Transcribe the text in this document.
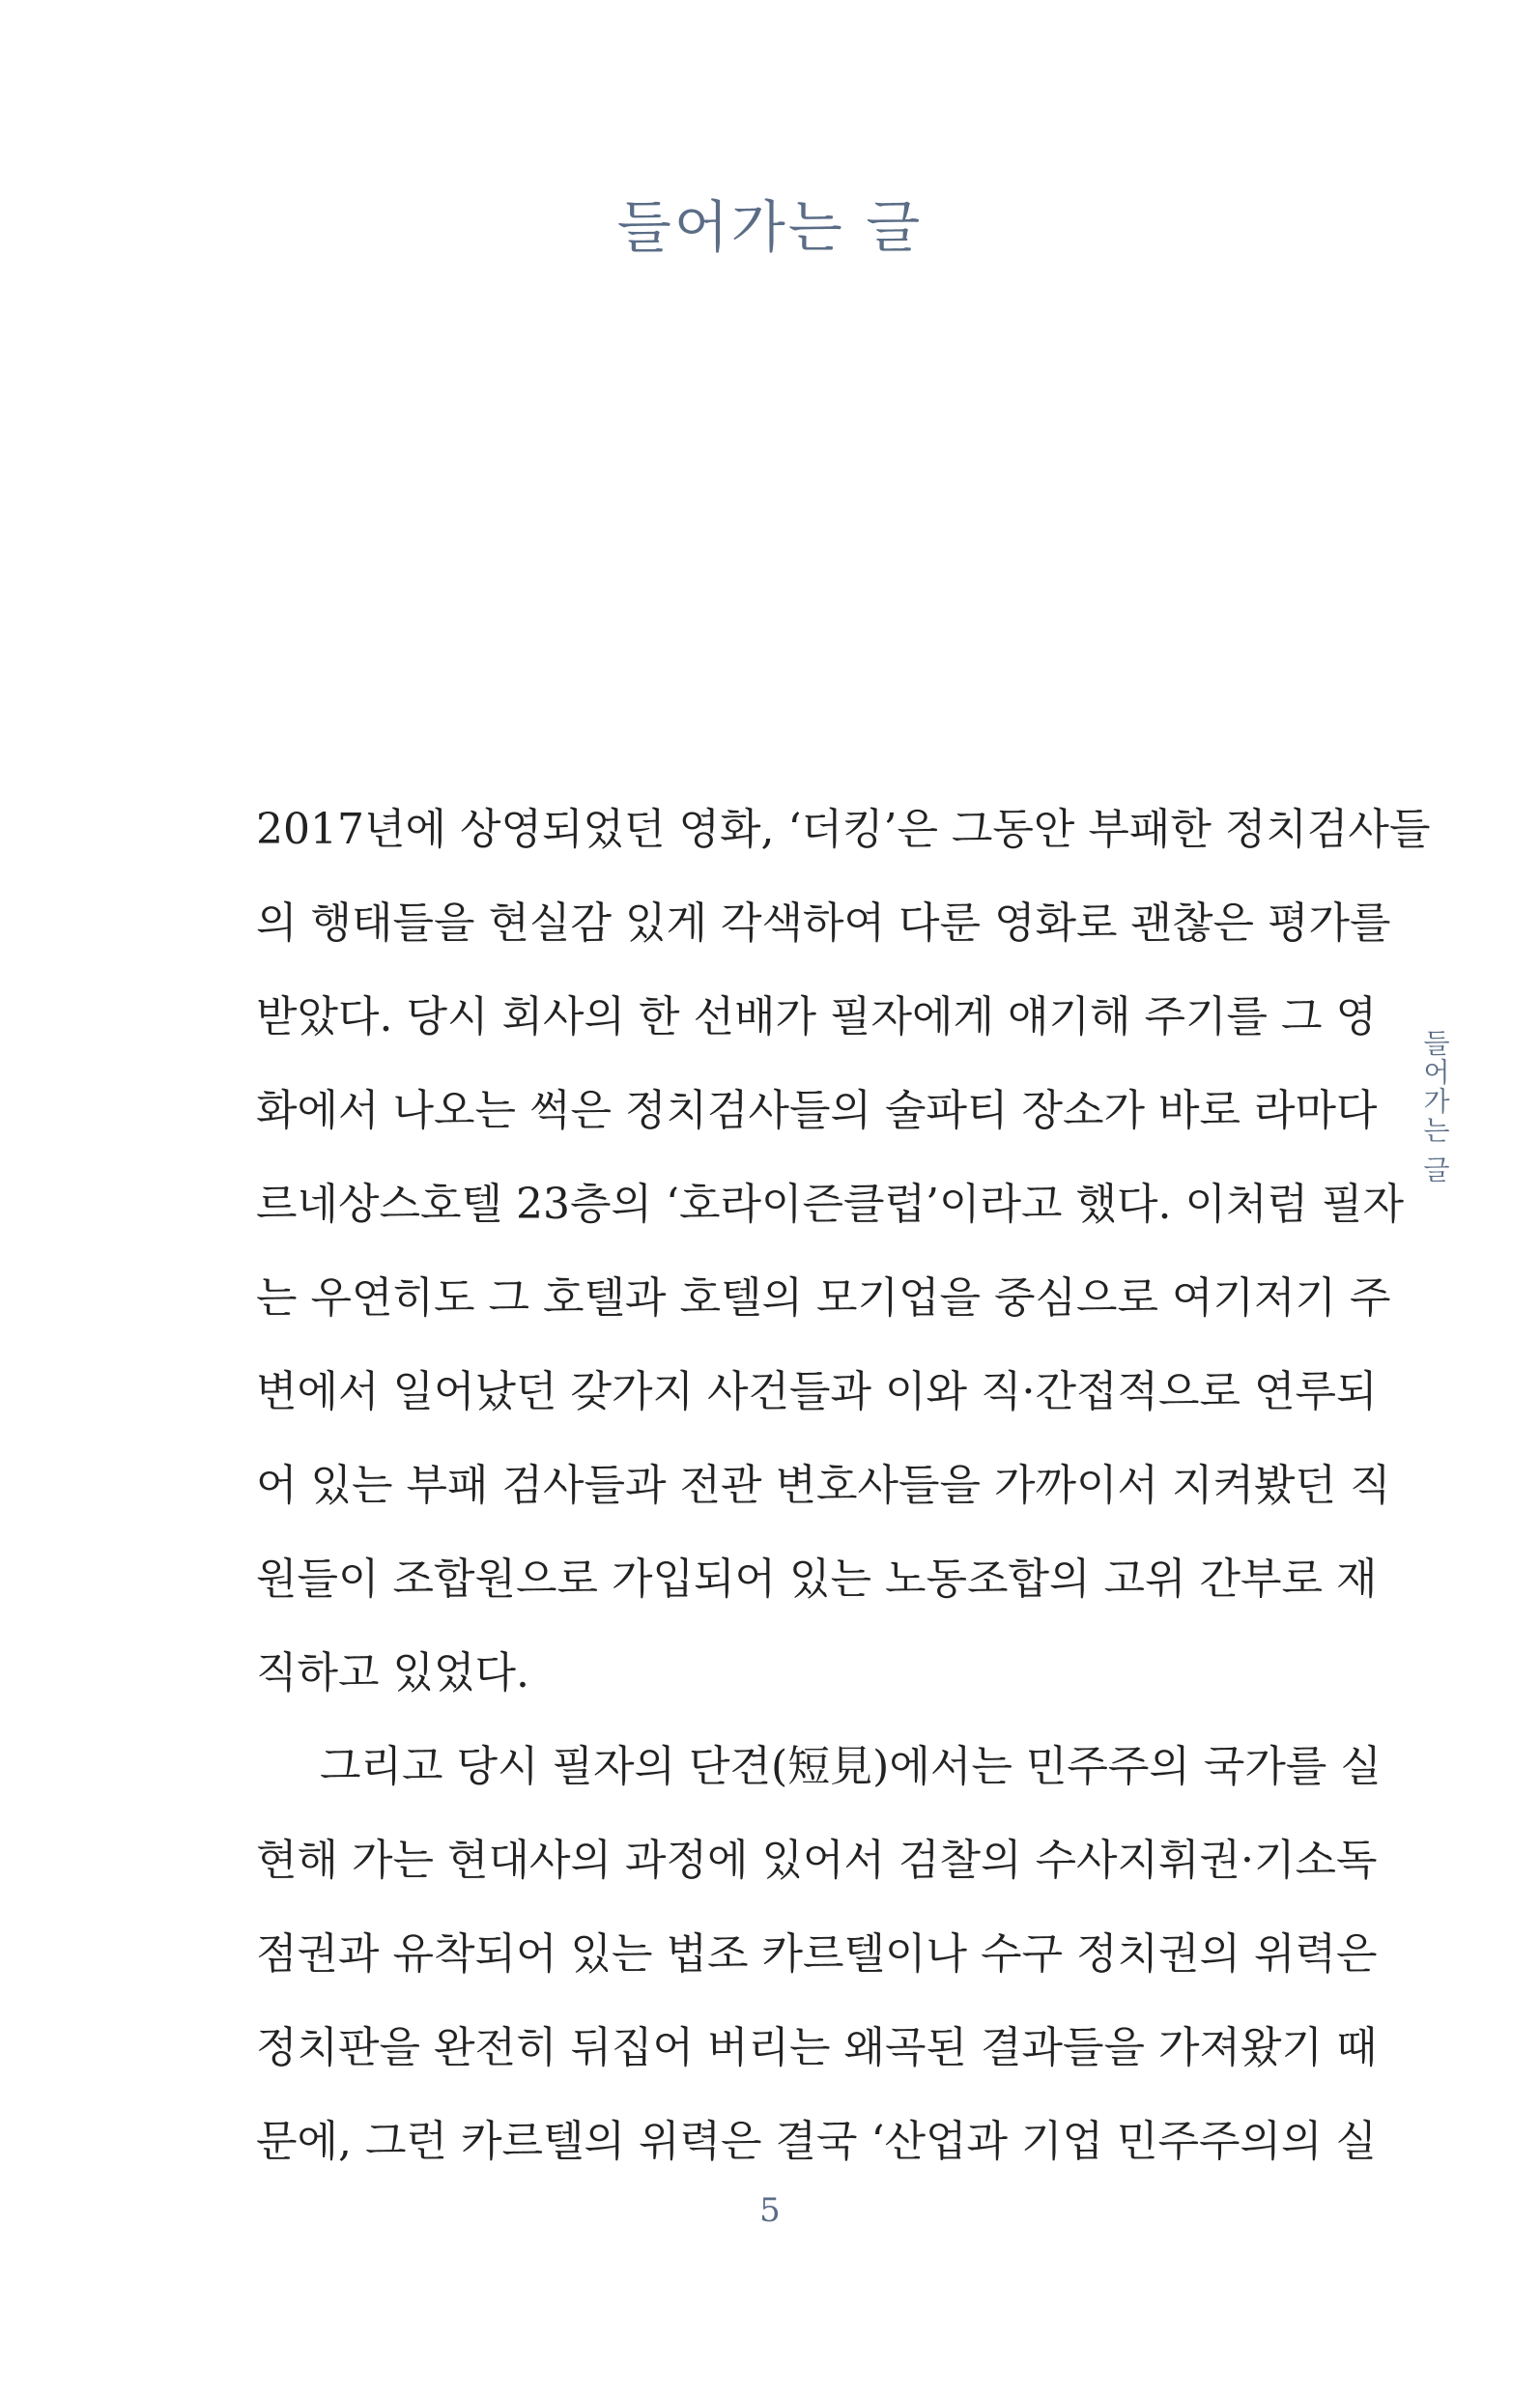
들어가는 글
들어가는 글
2017년에 상영되었던 영화, ‘더킹’은 그동안 부패한 정치검사들
의 행태들을 현실감 있게 각색하여 다룬 영화로 괜찮은 평가를
받았다. 당시 회사의 한 선배가 필자에게 얘기해 주기를 그 영
화에서 나오는 썩은 정치검사들의 술파티 장소가 바로 라마다
르네상스호텔 23층의 ‘호라이즌클럽’이라고 했다. 이처럼 필자
는 우연히도 그 호텔과 호텔의 모기업을 중심으로 여기저기 주
변에서 일어났던 갖가지 사건들과 이와 직·간접적으로 연루되
어 있는 부패 검사들과 전관 변호사들을 가까이서 지켜봤던 직
원들이 조합원으로 가입되어 있는 노동조합의 고위 간부로 재
직하고 있었다.
그리고 당시 필자의 단견(短見)에서는 민주주의 국가를 실
현해 가는 현대사의 과정에 있어서 검찰의 수사지휘권·기소독
점권과 유착되어 있는 법조 카르텔이나 수구 정치권의 위력은
정치판을 완전히 뒤집어 버리는 왜곡된 결과들을 가져왔기 때
문에, 그런 카르텔의 위력은 결국 ‘산업과 기업 민주주의의 실
5
